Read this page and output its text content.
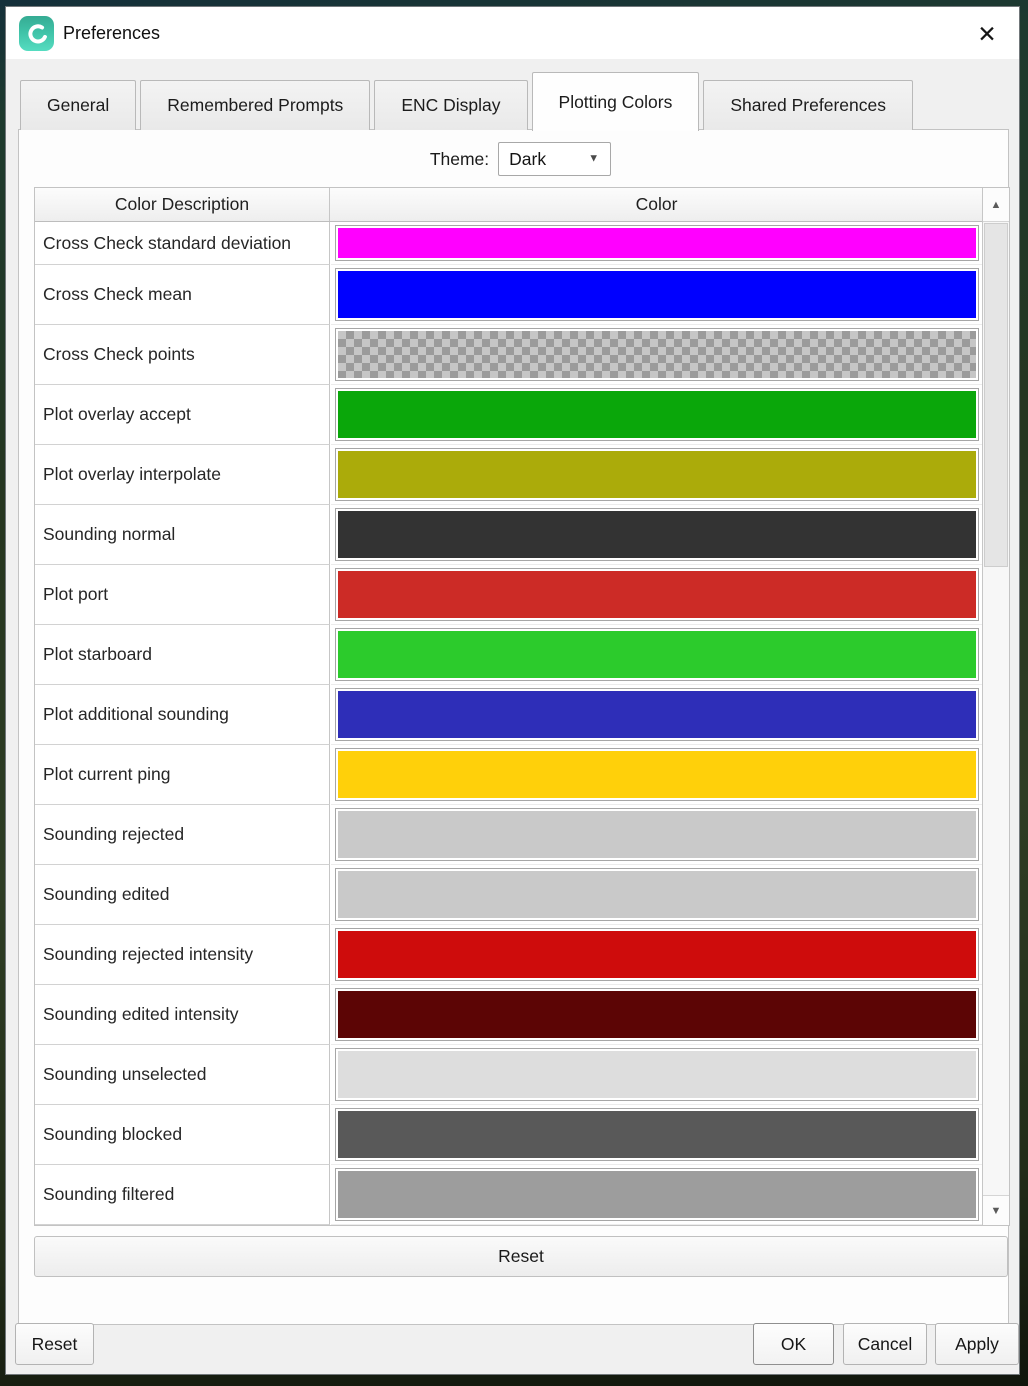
Preferences	✕
General	Remembered Prompts	ENC Display	Plotting Colors	Shared Preferences
Theme: Dark	▼
Color Description	Color
Cross Check standard deviation
Cross Check mean
Cross Check points
Plot overlay accept
Plot overlay interpolate
Sounding normal
Plot port
Plot starboard
Plot additional sounding
Plot current ping
Sounding rejected
Sounding edited
Sounding rejected intensity
Sounding edited intensity
Sounding unselected
Sounding blocked
Sounding filtered
▲
▼
Reset
Reset	OK	Cancel	Apply
